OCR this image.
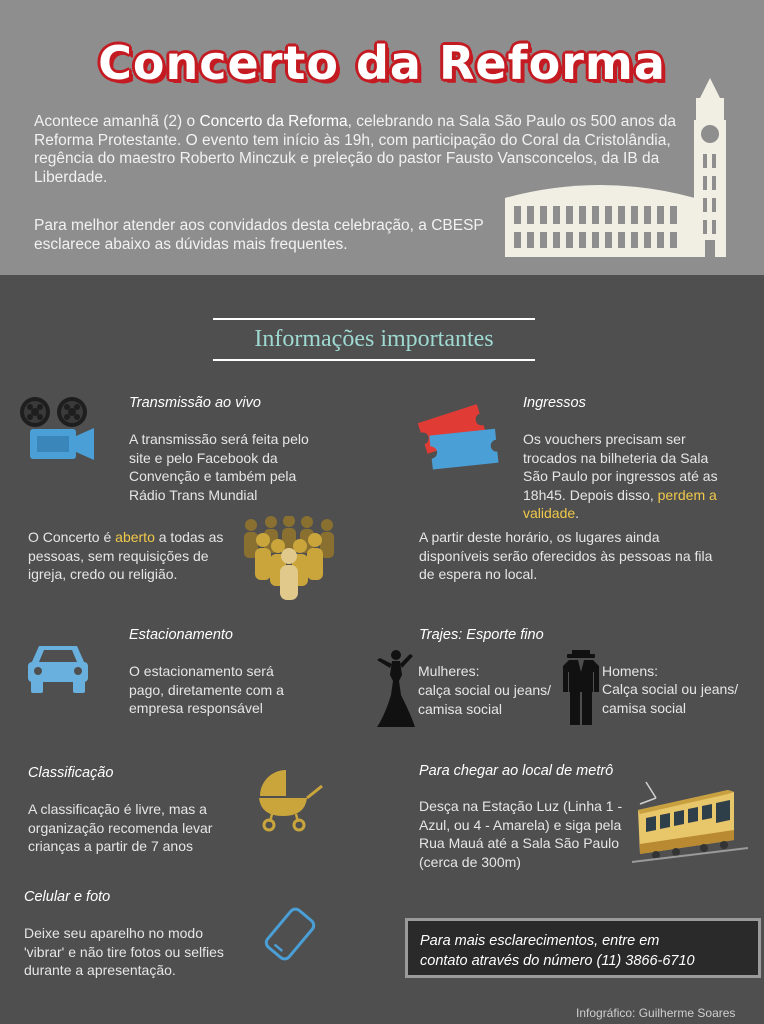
Concerto da Reforma
Acontece amanhã (2) o Concerto da Reforma, celebrando na Sala São Paulo os 500 anos da Reforma Protestante. O evento tem início às 19h, com participação do Coral da Cristolândia, regência do maestro Roberto Minczuk e preleção do pastor Fausto Vansconcelos, da IB da Liberdade.
Para melhor atender aos convidados desta celebração, a CBESP esclarece abaixo as dúvidas mais frequentes.
Informações importantes
Transmissão ao vivo
A transmissão será feita pelo site e pelo Facebook da Convenção e também pela Rádio Trans Mundial
O Concerto é aberto a todas as pessoas, sem requisições de igreja, credo ou religião.
Ingressos
Os vouchers precisam ser trocados na bilheteria da Sala São Paulo por ingressos até as 18h45. Depois disso, perdem a validade.
A partir deste horário, os lugares ainda disponíveis serão oferecidos às pessoas na fila de espera no local.
Estacionamento
O estacionamento será pago, diretamente com a empresa responsável
Trajes: Esporte fino
Mulheres:
calça social ou jeans/ camisa social
Homens:
Calça social ou jeans/ camisa social
Classificação
A classificação é livre, mas a organização recomenda levar crianças a partir de 7 anos
Para chegar ao local de metrô
Desça na Estação Luz (Linha 1 - Azul, ou 4 - Amarela) e siga pela Rua Mauá até a Sala São Paulo (cerca de 300m)
Celular e foto
Deixe seu aparelho no modo 'vibrar' e não tire fotos ou selfies durante a apresentação.
Para mais esclarecimentos, entre em
contato através do número (11) 3866-6710
Infográfico: Guilherme Soares
